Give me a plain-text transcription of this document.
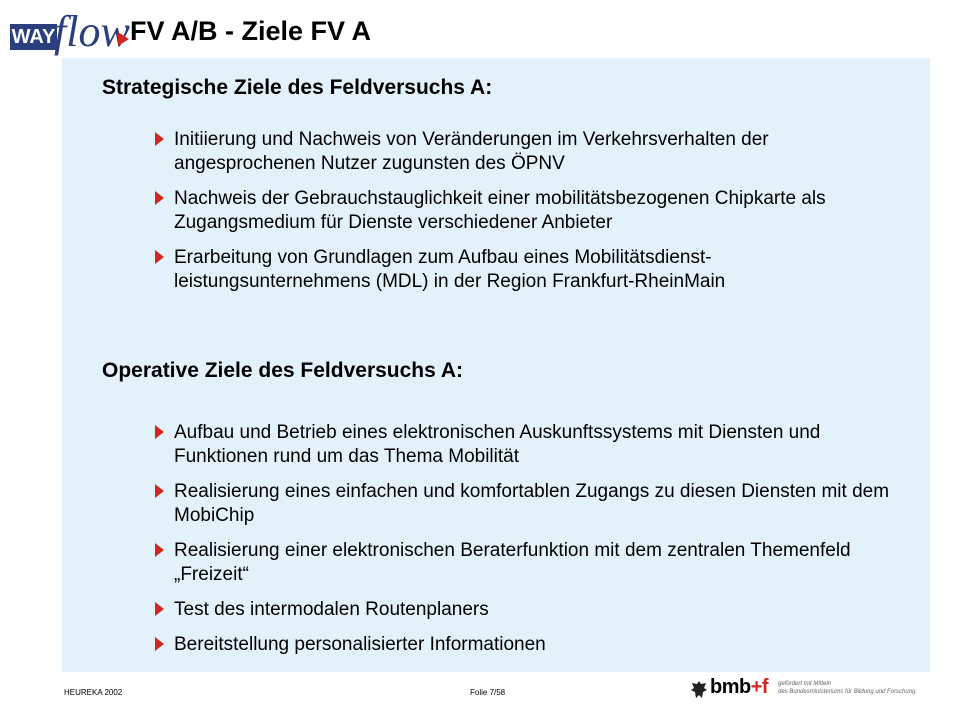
WAY
flow FV A/B - Ziele FV A
Strategische Ziele des Feldversuchs A:
Initiierung und Nachweis von Veränderungen im Verkehrsverhalten der angesprochenen Nutzer zugunsten des ÖPNV
Nachweis der Gebrauchstauglichkeit einer mobilitätsbezogenen Chipkarte als Zugangsmedium für Dienste verschiedener Anbieter
Erarbeitung von Grundlagen zum Aufbau eines Mobilitätsdienst-leistungsunternehmens (MDL) in der Region Frankfurt-RheinMain
Operative Ziele des Feldversuchs A:
Aufbau und Betrieb eines elektronischen Auskunftssystems mit Diensten und Funktionen rund um das Thema Mobilität
Realisierung eines einfachen und komfortablen Zugangs zu diesen Diensten mit dem MobiChip
Realisierung einer elektronischen Beraterfunktion mit dem zentralen Themenfeld „Freizeit“
Test des intermodalen Routenplaners
Bereitstellung personalisierter Informationen
HEUREKA 2002	Folie 7/58	bmb+f gefördert mit Mitteln
des Bundesministeriums für Bildung und Forschung
